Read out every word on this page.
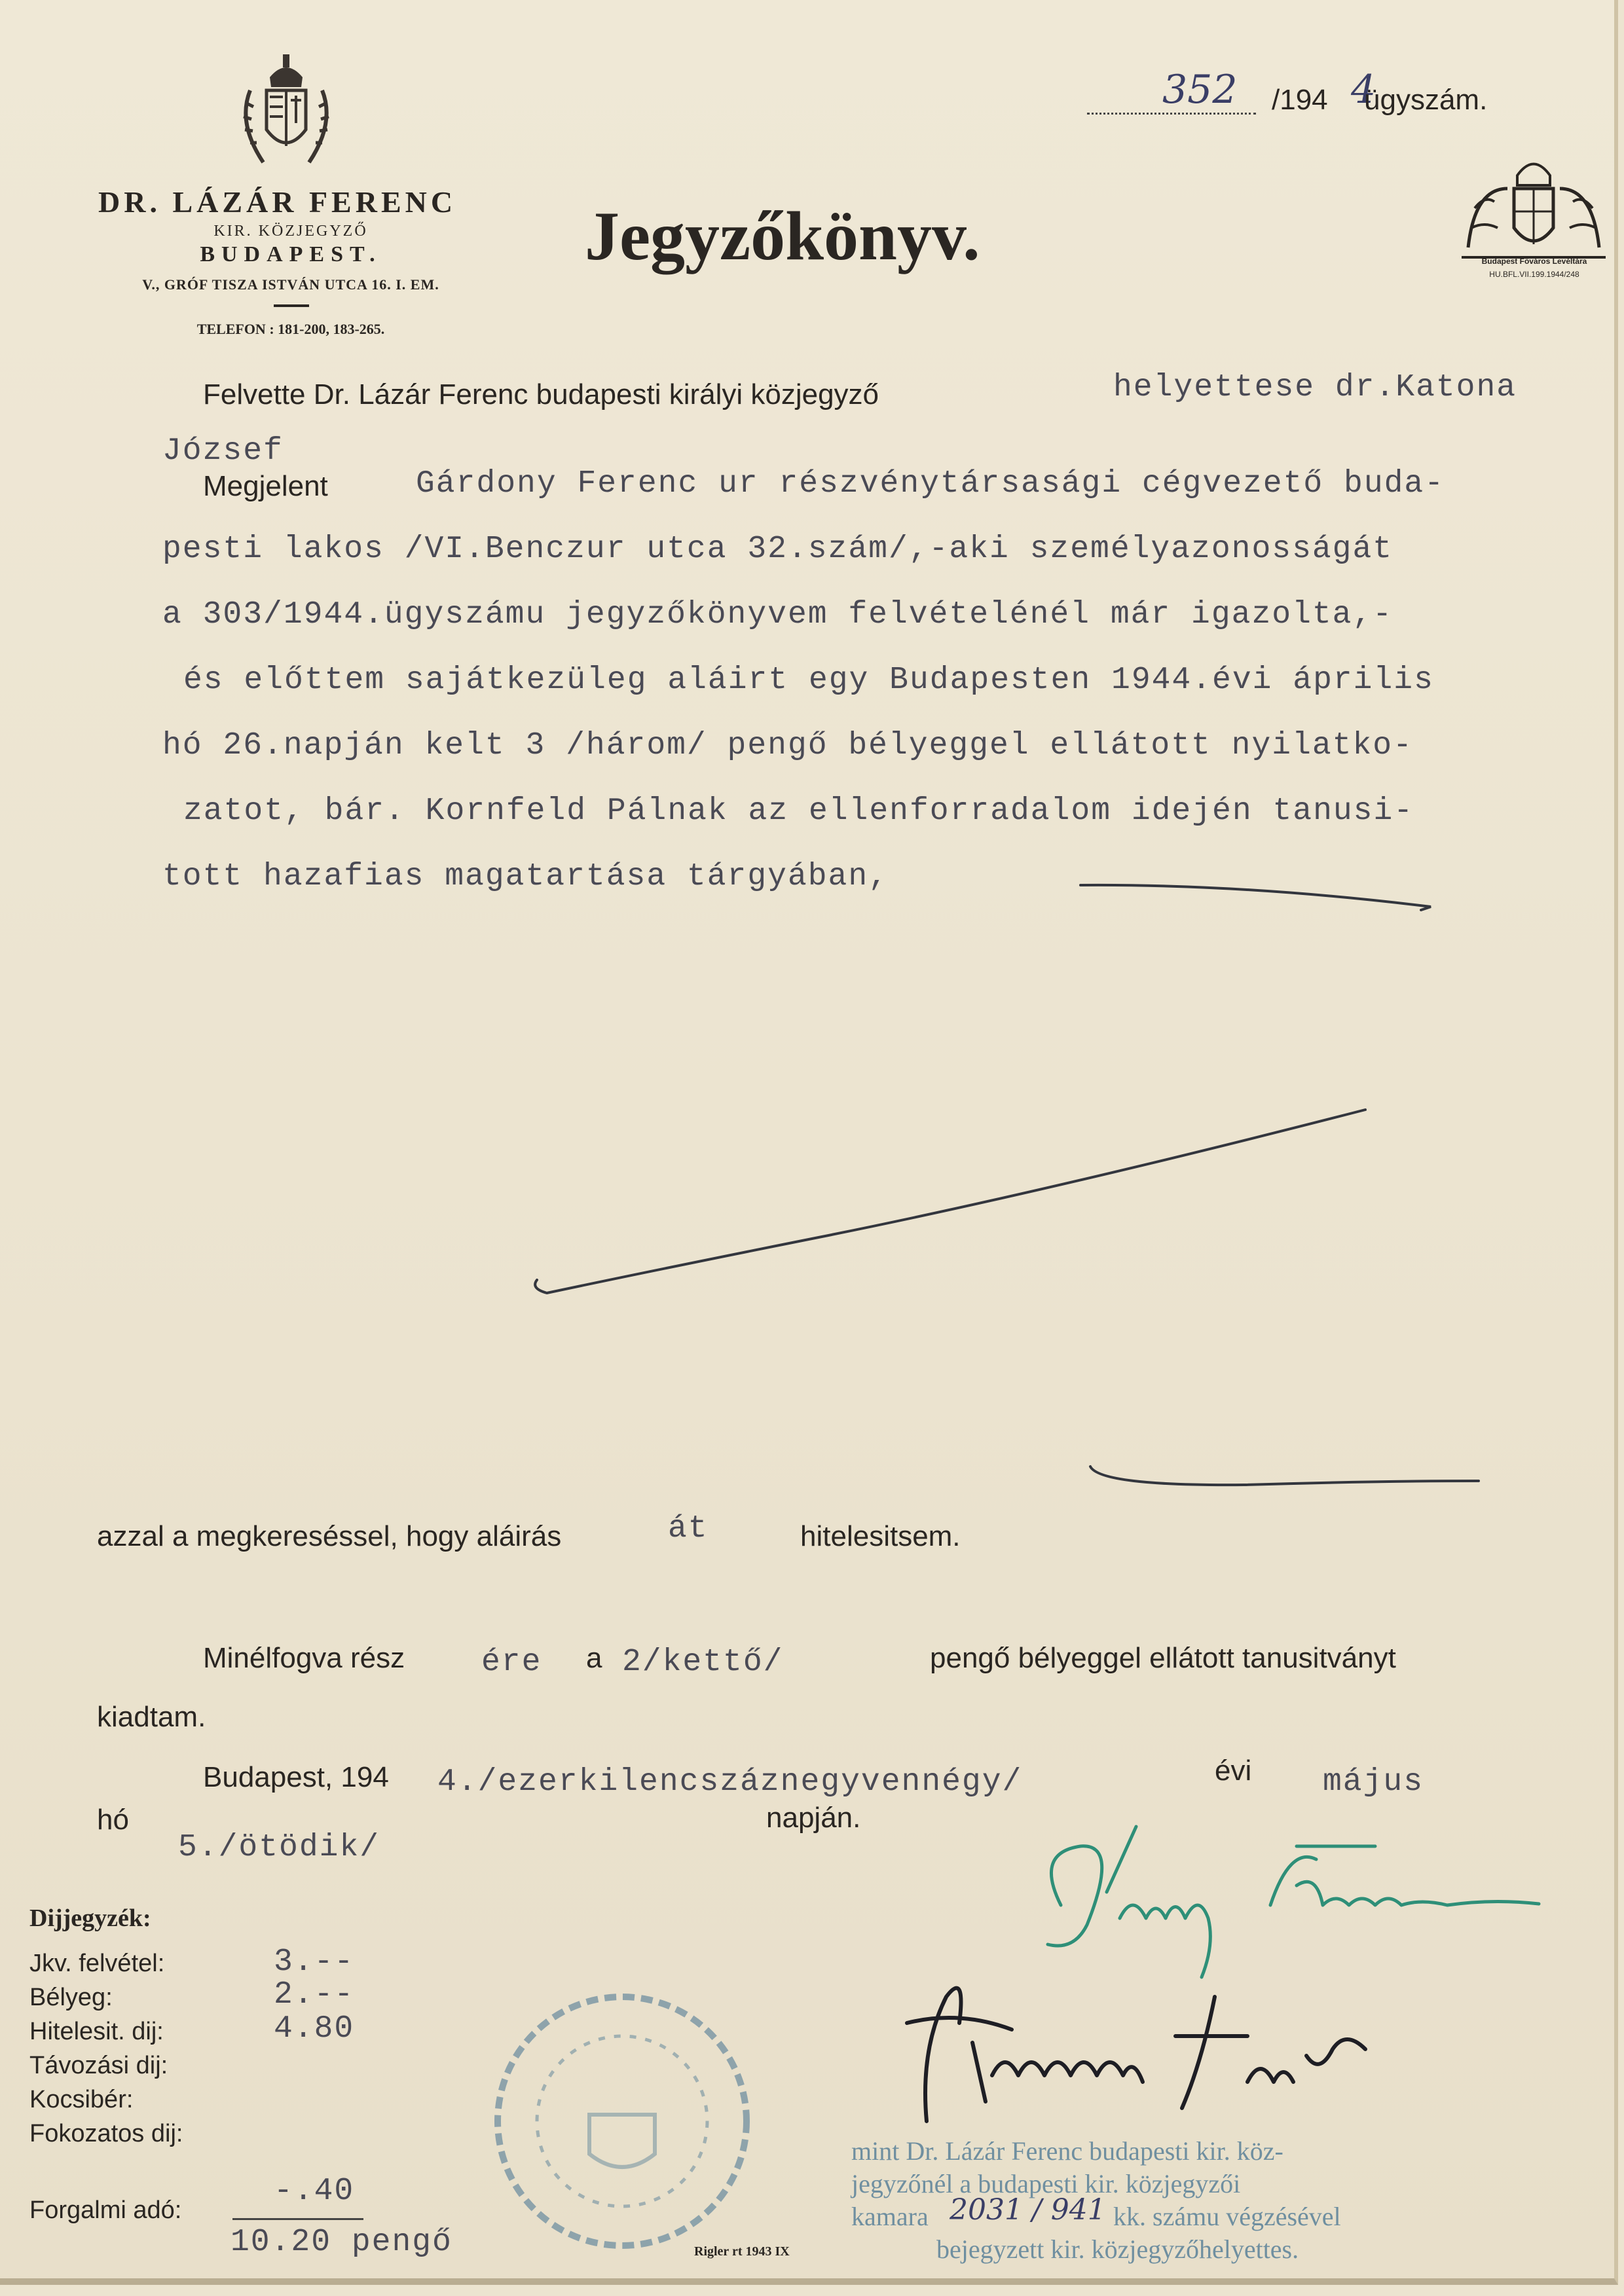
DR. LÁZÁR FERENC
KIR. KÖZJEGYZŐ
BUDAPEST.
V., GRÓF TISZA ISTVÁN UTCA 16. I. EM.
TELEFON : 181-200, 183-265.
Jegyzőkönyv.
352 /194 4
ügyszám.
Budapest Főváros Levéltára
HU.BFL.VII.199.1944/248
Felvette Dr. Lázár Ferenc budapesti királyi közjegyző	helyettese dr.Katona
József
Megjelent	Gárdony Ferenc ur részvénytársasági cégvezető buda-
pesti lakos /VI.Benczur utca 32.szám/,-aki személyazonosságát
a 303/1944.ügyszámu jegyzőkönyvem felvételénél már igazolta,-
és előttem sajátkezüleg aláirt egy Budapesten 1944.évi április
hó 26.napján kelt 3 /három/ pengő bélyeggel ellátott nyilatko-
zatot, bár. Kornfeld Pálnak az ellenforradalom idején tanusi-
tott hazafias magatartása tárgyában,
azzal a megkereséssel, hogy aláirás	át	hitelesitsem.
Minélfogva rész ére a 2/kettő/	pengő bélyeggel ellátott tanusitványt
kiadtam.
Budapest, 194 4./ezerkilencszáznegyvennégy/	évi május
hó	napján.
5./ötödik/
Dijjegyzék:
Jkv. felvétel:	3.--
Bélyeg:	2.--
Hitelesit. dij:	4.80
Távozási dij:
Kocsibér:
Fokozatos dij:
Forgalmi adó:
-.40
10.20 pengő
mint Dr. Lázár Ferenc budapesti kir. köz-
jegyzőnél a budapesti kir. közjegyzői
kamara 2031 / 941 kk. számu végzésével
bejegyzett kir. közjegyzőhelyettes.
Rigler rt 1943 IX
